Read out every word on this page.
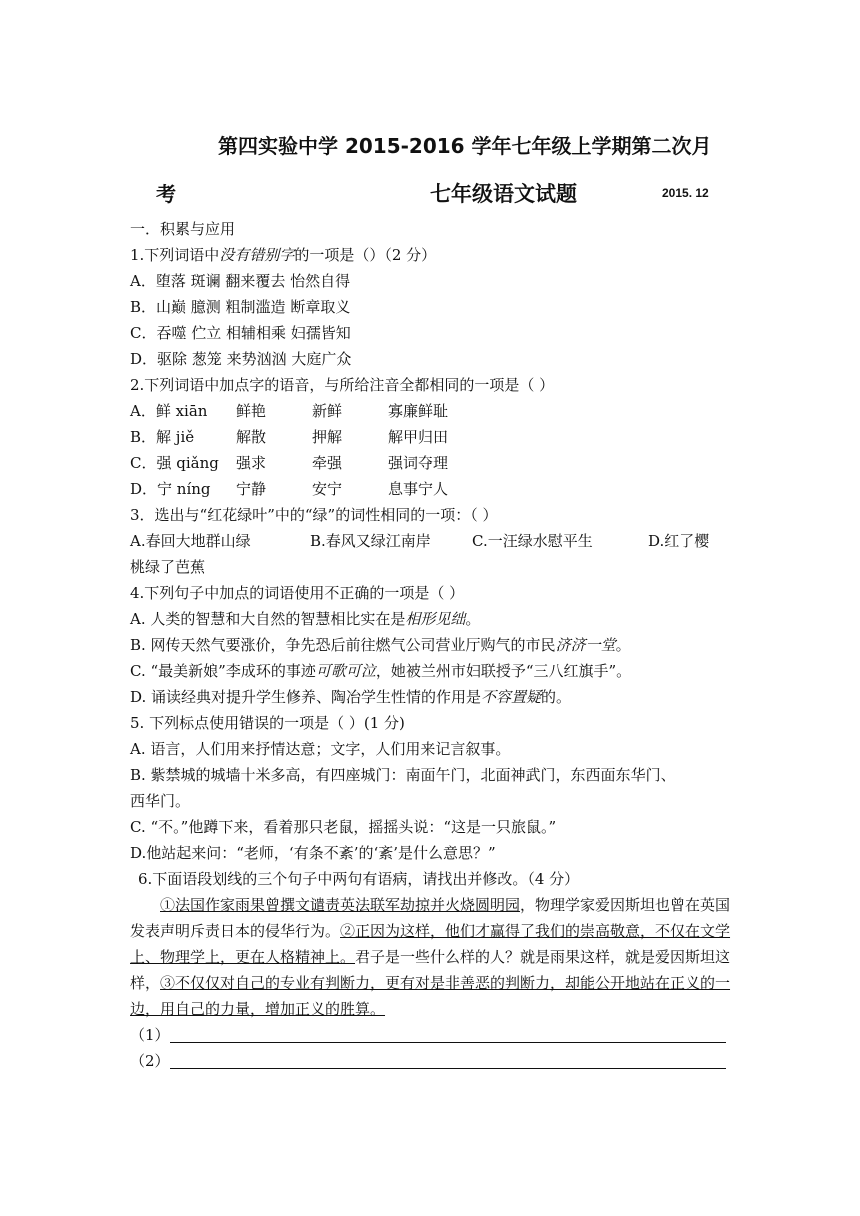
第四实验中学 2015-2016 学年七年级上学期第二次月
考	七年级语文试题	2015. 12
一．积累与应用
1.下列词语中没有错别字的一项是（）（2 分）
A．堕落 斑谰 翻来覆去 怡然自得
B．山巅 臆测 粗制滥造 断章取义
C．吞噬 伫立 相辅相乘 妇孺皆知
D．驱除 葱笼 来势汹汹 大庭广众
2.下列词语中加点字的语音，与所给注音全都相同的一项是（ ）
A．鲜 xiān 鲜艳	新鲜	寡廉鲜耻
B．解 jiě	解散	押解	解甲归田
C．强 qiǎng 强求	牵强	强词夺理
D．宁 níng 宁静	安宁	息事宁人
3．选出与“红花绿叶”中的“绿”的词性相同的一项：（ ）
A.春回大地群山绿	B.春风又绿江南岸	C.一汪绿水慰平生	D.红了樱
桃绿了芭蕉
4.下列句子中加点的词语使用不正确的一项是（ ）
A. 人类的智慧和大自然的智慧相比实在是相形见绌。
B. 网传天然气要涨价，争先恐后前往燃气公司营业厅购气的市民济济一堂。
C. “最美新娘”李成环的事迹可歌可泣，她被兰州市妇联授予“三八红旗手”。
D. 诵读经典对提升学生修养、陶冶学生性情的作用是不容置疑的。
5. 下列标点使用错误的一项是（ ）(1 分)
A. 语言，人们用来抒情达意；文字，人们用来记言叙事。
B. 紫禁城的城墙十米多高，有四座城门：南面午门，北面神武门，东西面东华门、
西华门。
C. “不。”他蹲下来，看着那只老鼠，摇摇头说：“这是一只旅鼠。”
D.他站起来问：“老师，‘有条不紊’的‘紊’是什么意思？”
6.下面语段划线的三个句子中两句有语病，请找出并修改。（4 分）
①法国作家雨果曾撰文谴责英法联军劫掠并火烧圆明园，物理学家爱因斯坦也曾在英国发表声明斥责日本的侵华行为。②正因为这样，他们才赢得了我们的崇高敬意，不仅在文学上、物理学上，更在人格精神上。君子是一些什么样的人？就是雨果这样，就是爱因斯坦这样，③不仅仅对自己的专业有判断力，更有对是非善恶的判断力，却能公开地站在正义的一边，用自己的力量，增加正义的胜算。
（1）
（2）
